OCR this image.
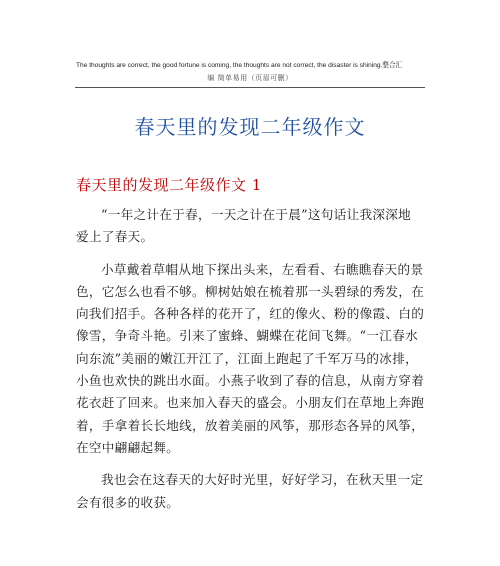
The thoughts are correct, the good fortune is coming, the thoughts are not correct, the disaster is shining.整合汇
编 简单易用（页眉可删）
春天里的发现二年级作文
春天里的发现二年级作文 1

“一年之计在于春，一天之计在于晨”这句话让我深深地
爱上了春天。

小草戴着草帽从地下探出头来，左看看、右瞧瞧春天的景
色，它怎么也看不够。柳树姑娘在梳着那一头碧绿的秀发，在
向我们招手。各种各样的花开了，红的像火、粉的像霞、白的
像雪，争奇斗艳。引来了蜜蜂、蝴蝶在花间飞舞。“一江春水
向东流”美丽的嫩江开江了，江面上跑起了千军万马的冰排，
小鱼也欢快的跳出水面。小燕子收到了春的信息，从南方穿着
花衣赶了回来。也来加入春天的盛会。小朋友们在草地上奔跑
着，手拿着长长地线，放着美丽的风筝，那形态各异的风筝，
在空中翩翩起舞。

我也会在这春天的大好时光里，好好学习，在秋天里一定
会有很多的收获。
